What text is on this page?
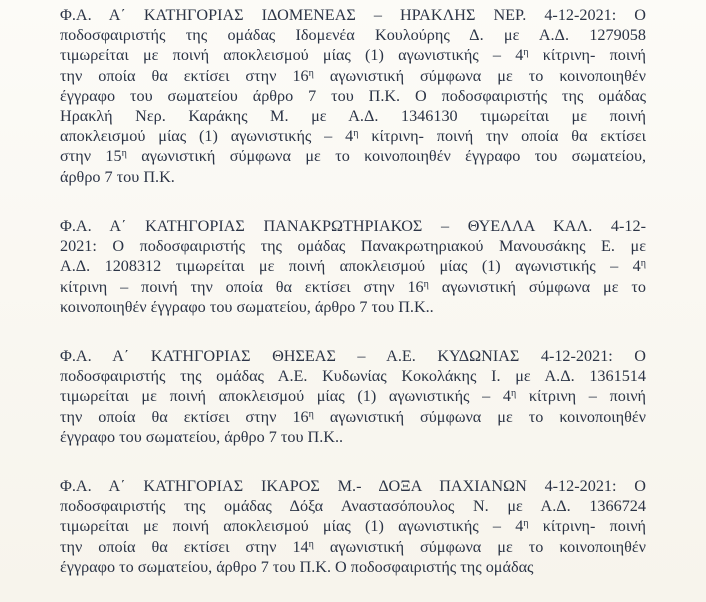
Φ.Α. Α΄ ΚΑΤΗΓΟΡΙΑΣ ΙΔΟΜΕΝΕΑΣ – ΗΡΑΚΛΗΣ ΝΕΡ. 4-12-2021: Ο
ποδοσφαιριστής της ομάδας Ιδομενέα Κουλούρης Δ. με Α.Δ. 1279058
τιμωρείται με ποινή αποκλεισμού μίας (1) αγωνιστικής – $4^\eta$ κίτρινη- ποινή
την οποία θα εκτίσει στην $16^\eta$ αγωνιστική σύμφωνα με το κοινοποιηθέν
έγγραφο του σωματείου άρθρο 7 του Π.Κ. Ο ποδοσφαιριστής της ομάδας
Ηρακλή Νερ. Καράκης Μ. με Α.Δ. 1346130 τιμωρείται με ποινή
αποκλεισμού μίας (1) αγωνιστικής – $4^\eta$ κίτρινη- ποινή την οποία θα εκτίσει
στην $15^\eta$ αγωνιστική σύμφωνα με το κοινοποιηθέν έγγραφο του σωματείου,
άρθρο 7 του Π.Κ.

Φ.Α. Α΄ ΚΑΤΗΓΟΡΙΑΣ ΠΑΝΑΚΡΩΤΗΡΙΑΚΟΣ – ΘΥΕΛΛΑ ΚΑΛ. 4-12-
2021: Ο ποδοσφαιριστής της ομάδας Πανακρωτηριακού Μανουσάκης Ε. με
Α.Δ. 1208312 τιμωρείται με ποινή αποκλεισμού μίας (1) αγωνιστικής – $4^\eta$
κίτρινη – ποινή την οποία θα εκτίσει στην $16^\eta$ αγωνιστική σύμφωνα με το
κοινοποιηθέν έγγραφο του σωματείου, άρθρο 7 του Π.Κ..

Φ.Α. Α΄ ΚΑΤΗΓΟΡΙΑΣ ΘΗΣΕΑΣ – Α.Ε. ΚΥΔΩΝΙΑΣ 4-12-2021: Ο
ποδοσφαιριστής της ομάδας Α.Ε. Κυδωνίας Κοκολάκης Ι. με Α.Δ. 1361514
τιμωρείται με ποινή αποκλεισμού μίας (1) αγωνιστικής – $4^\eta$ κίτρινη – ποινή
την οποία θα εκτίσει στην $16^\eta$ αγωνιστική σύμφωνα με το κοινοποιηθέν
έγγραφο του σωματείου, άρθρο 7 του Π.Κ..

Φ.Α. Α΄ ΚΑΤΗΓΟΡΙΑΣ ΙΚΑΡΟΣ Μ.- ΔΟΞΑ ΠΑΧΙΑΝΩΝ 4-12-2021: Ο
ποδοσφαιριστής της ομάδας Δόξα Αναστασόπουλος Ν. με Α.Δ. 1366724
τιμωρείται με ποινή αποκλεισμού μίας (1) αγωνιστικής – $4^\eta$ κίτρινη- ποινή
την οποία θα εκτίσει στην $14^\eta$ αγωνιστική σύμφωνα με το κοινοποιηθέν
έγγραφο το σωματείου, άρθρο 7 του Π.Κ. Ο ποδοσφαιριστής της ομάδας
